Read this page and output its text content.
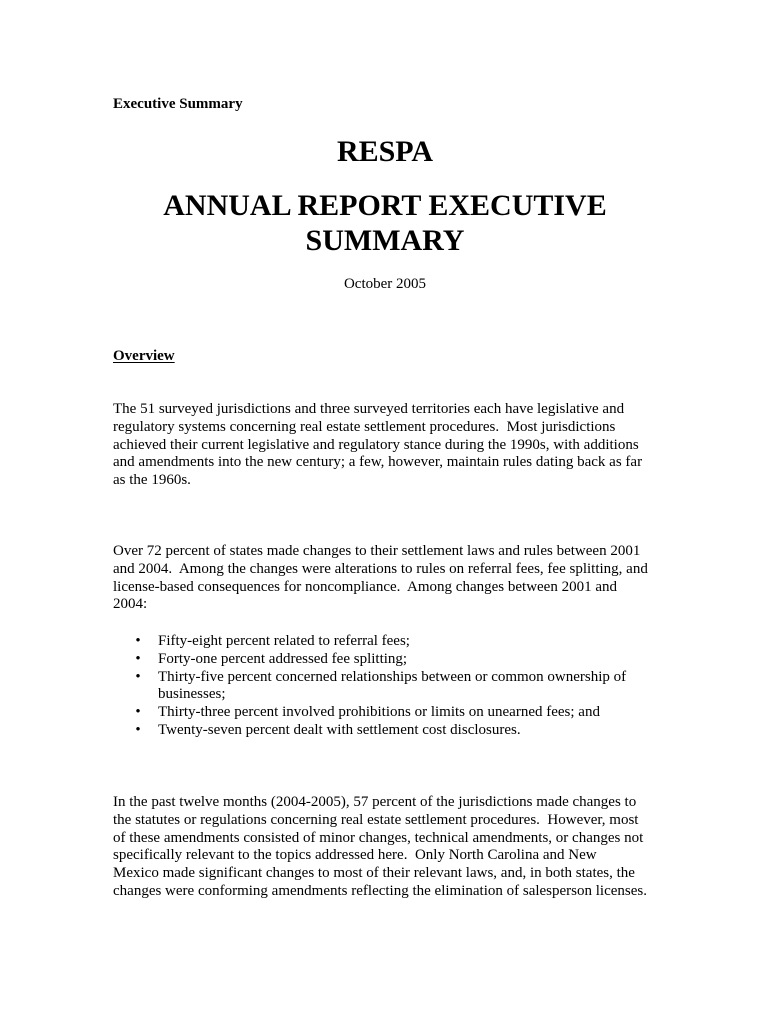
Executive Summary
RESPA
ANNUAL REPORT EXECUTIVE
SUMMARY
October 2005
Overview
The 51 surveyed jurisdictions and three surveyed territories each have legislative and
regulatory systems concerning real estate settlement procedures.  Most jurisdictions
achieved their current legislative and regulatory stance during the 1990s, with additions
and amendments into the new century; a few, however, maintain rules dating back as far
as the 1960s.
Over 72 percent of states made changes to their settlement laws and rules between 2001
and 2004.  Among the changes were alterations to rules on referral fees, fee splitting, and
license-based consequences for noncompliance.  Among changes between 2001 and
2004:
• Fifty-eight percent related to referral fees;
• Forty-one percent addressed fee splitting;
• Thirty-five percent concerned relationships between or common ownership of
businesses;
• Thirty-three percent involved prohibitions or limits on unearned fees; and
• Twenty-seven percent dealt with settlement cost disclosures.
In the past twelve months (2004-2005), 57 percent of the jurisdictions made changes to
the statutes or regulations concerning real estate settlement procedures.  However, most
of these amendments consisted of minor changes, technical amendments, or changes not
specifically relevant to the topics addressed here.  Only North Carolina and New
Mexico made significant changes to most of their relevant laws, and, in both states, the
changes were conforming amendments reflecting the elimination of salesperson licenses.
